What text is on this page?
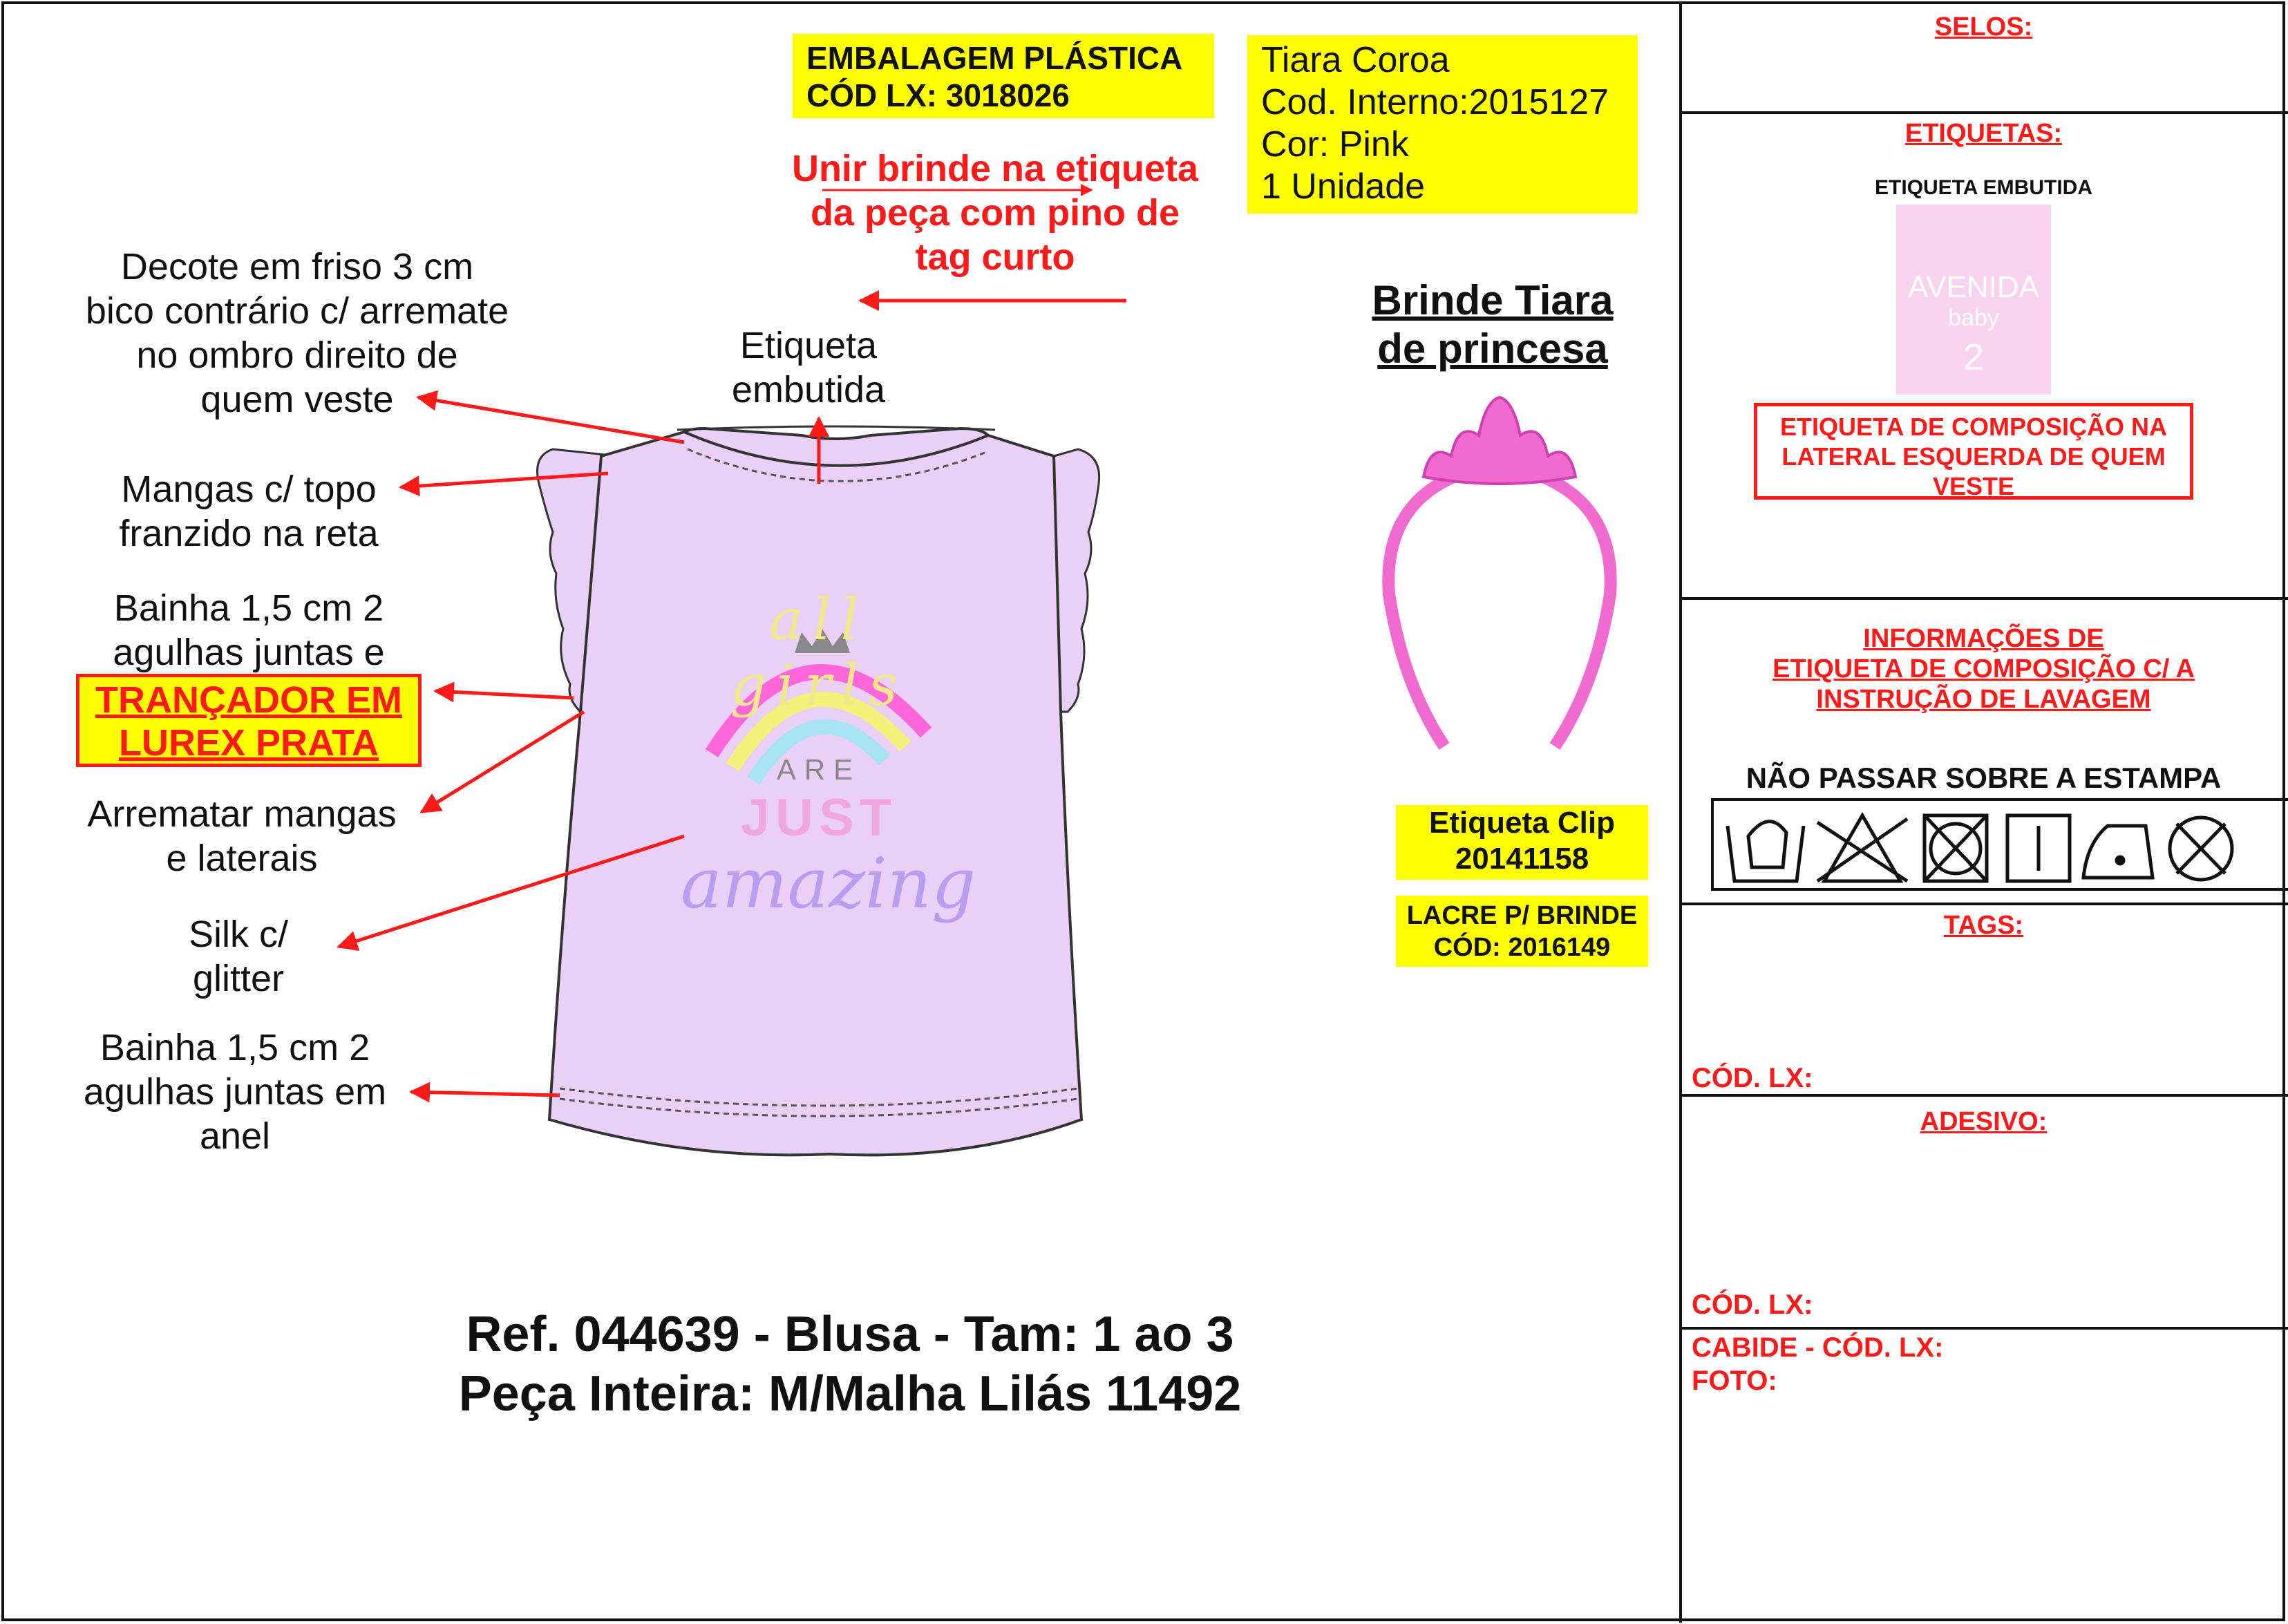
all girls
ARE
JUST
amazing
EMBALAGEM PLÁSTICA
CÓD LX: 3018026
Tiara Coroa
Cod. Interno:2015127
Cor: Pink
1 Unidade
Unir brinde na etiqueta
da peça com pino de
tag curto
Brinde Tiara
de princesa
Decote em friso 3 cm
bico contrário c/ arremate
no ombro direito de
quem veste
Etiqueta
embutida
Mangas c/ topo
franzido na reta
Bainha 1,5 cm 2
agulhas juntas e
TRANÇADOR EM
LUREX PRATA
Arrematar mangas
e laterais
Silk c/
glitter
Bainha 1,5 cm 2
agulhas juntas em
anel
Etiqueta Clip
20141158
LACRE P/ BRINDE
CÓD: 2016149
Ref. 044639 - Blusa - Tam: 1 ao 3
Peça Inteira: M/Malha Lilás 11492
SELOS:
ETIQUETAS:
ETIQUETA EMBUTIDA
AVENIDA
baby
2
ETIQUETA DE COMPOSIÇÃO NA
LATERAL ESQUERDA DE QUEM
VESTE
INFORMAÇÕES DE
ETIQUETA DE COMPOSIÇÃO C/ A
INSTRUÇÃO DE LAVAGEM
NÃO PASSAR SOBRE A ESTAMPA
TAGS:
CÓD. LX:
ADESIVO:
CÓD. LX:
CABIDE - CÓD. LX:
FOTO:
